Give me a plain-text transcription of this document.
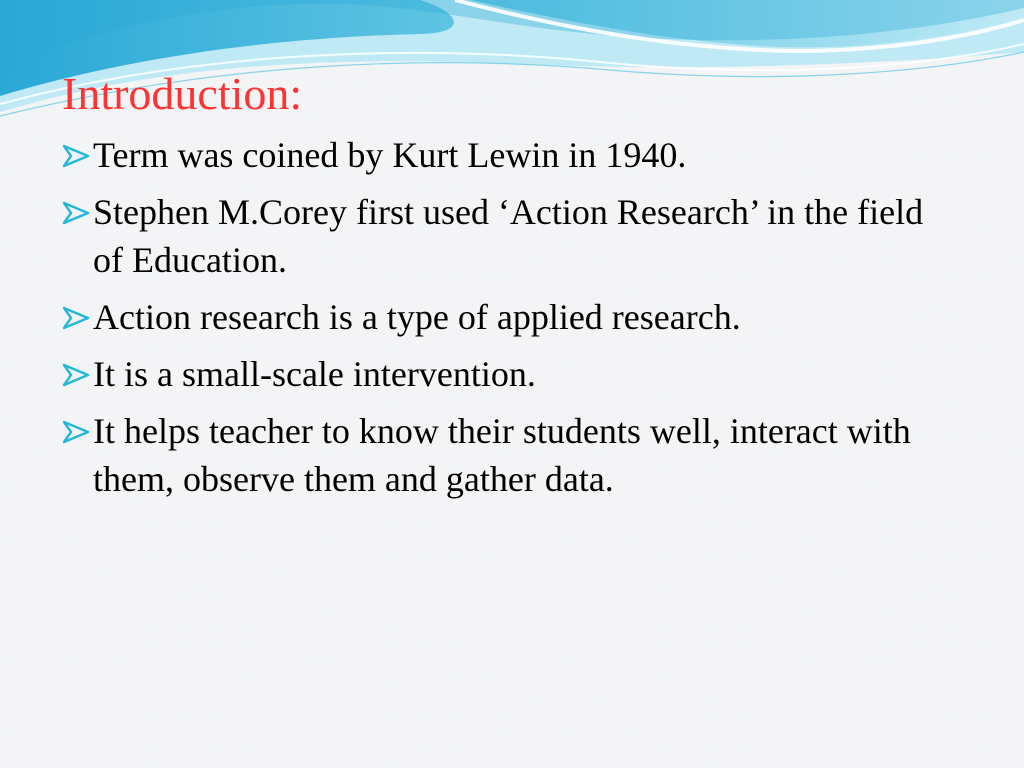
Introduction:
Term was coined by Kurt Lewin in 1940.
Stephen M.Corey first used ‘Action Research’ in the field of Education.
Action research is a type of applied research.
It is a small-scale intervention.
It helps teacher to know their students well, interact with them, observe them and gather data.
